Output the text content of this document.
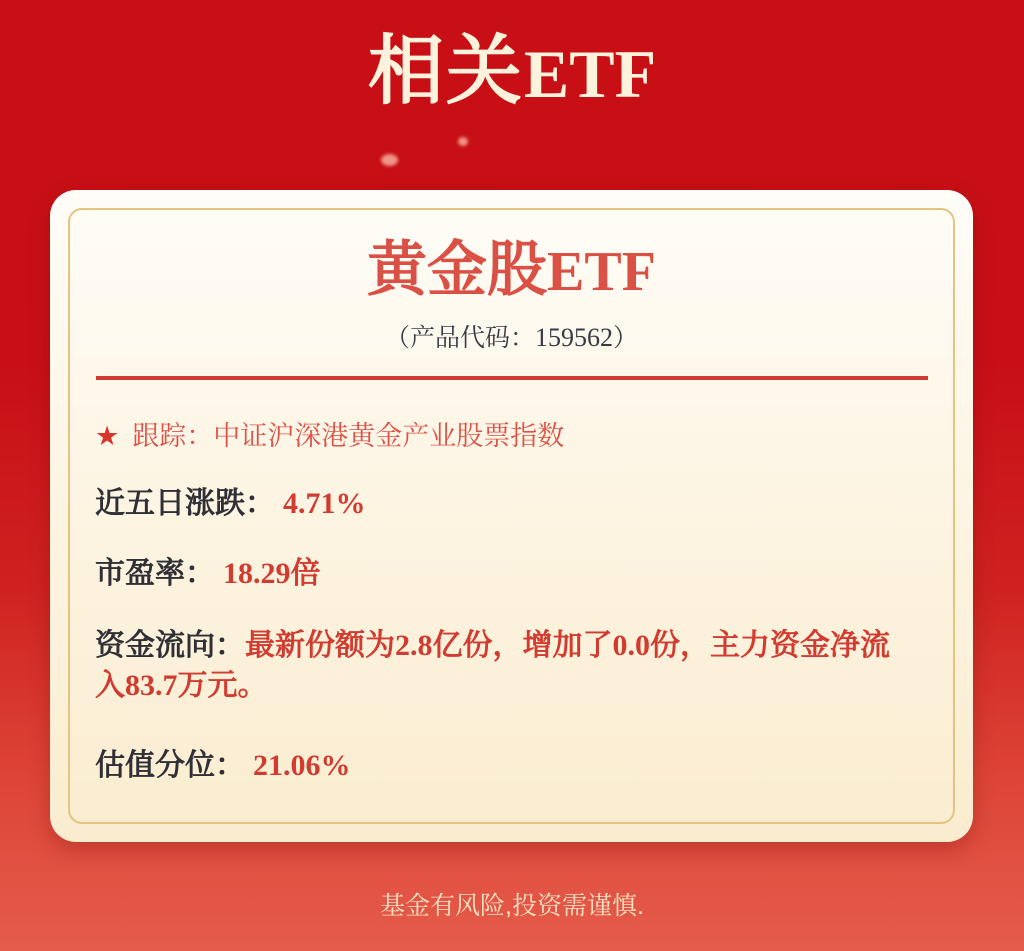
相关ETF
黄金股ETF
（产品代码：159562）
★ 跟踪：中证沪深港黄金产业股票指数
近五日涨跌： 4.71%
市盈率： 18.29倍
资金流向：最新份额为2.8亿份，增加了0.0份，主力资金净流入83.7万元。
估值分位： 21.06%
基金有风险,投资需谨慎.
